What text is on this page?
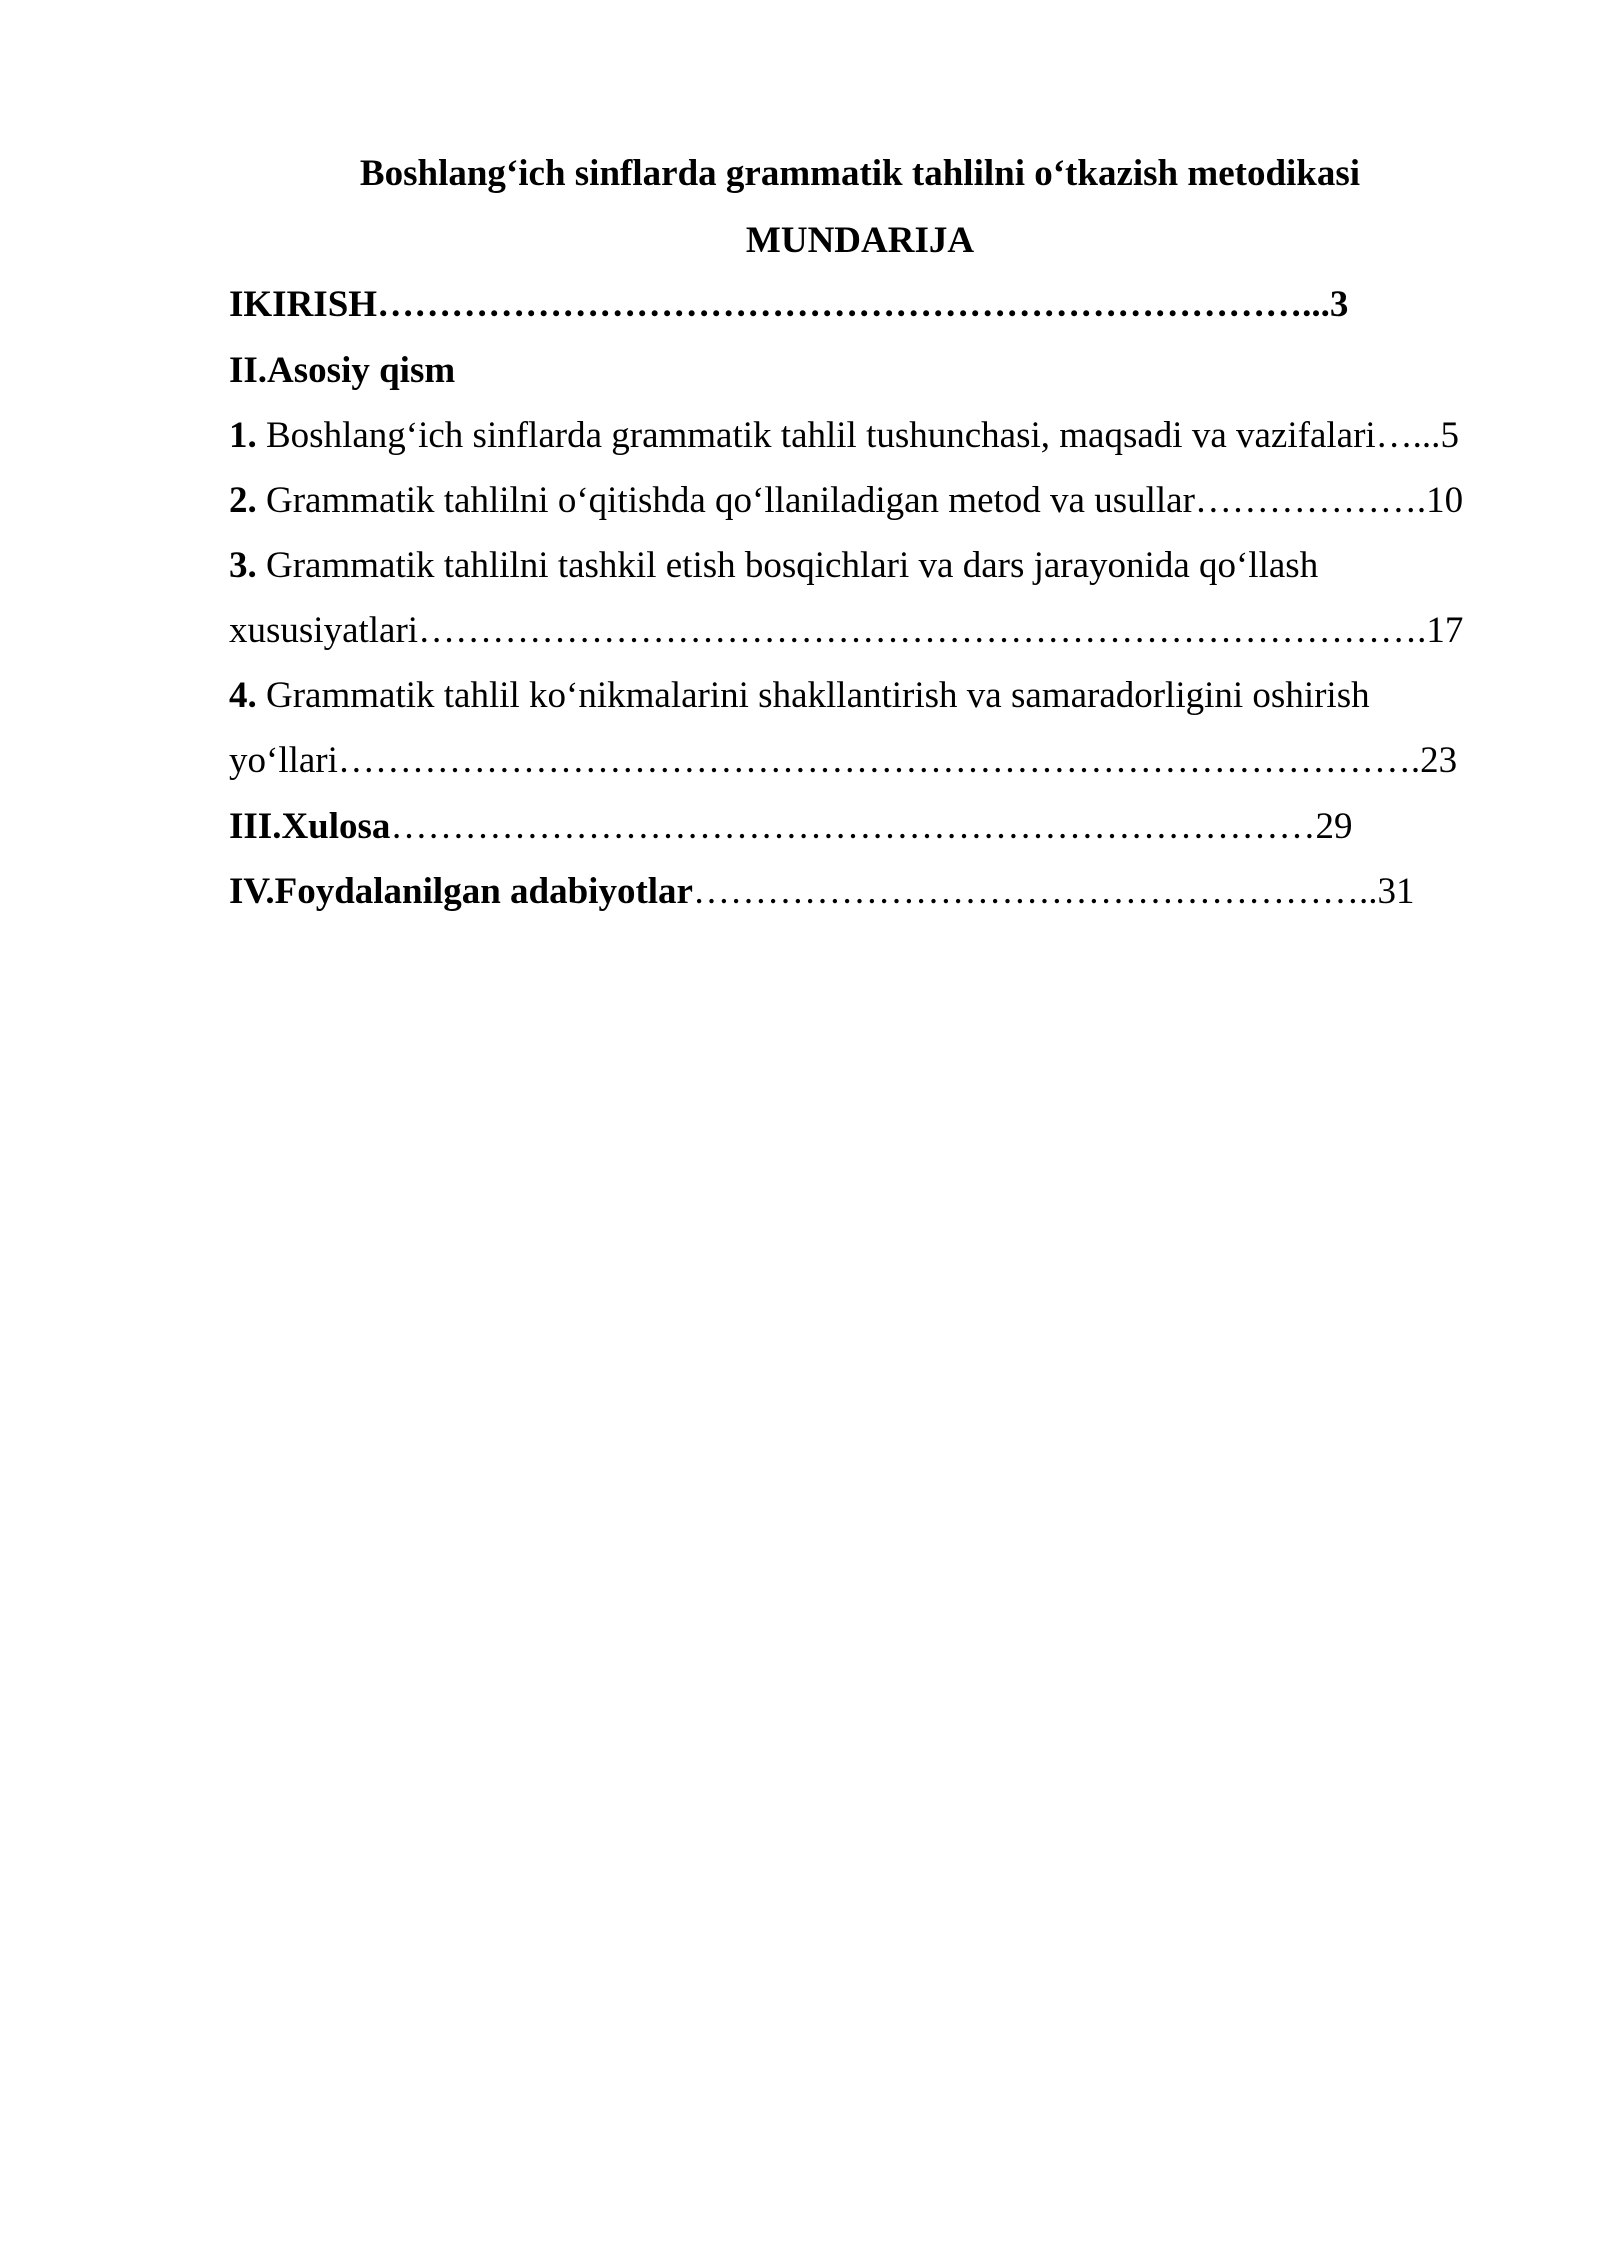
Boshlang‘ich sinflarda grammatik tahlilni o‘tkazish metodikasi
MUNDARIJA
IKIRISH…………………………………………………………………...3
II.Asosiy qism
1. Boshlang‘ich sinflarda grammatik tahlil tushunchasi, maqsadi va vazifalari…...5
2. Grammatik tahlilni o‘qitishda qo‘llaniladigan metod va usullar……………….10
3. Grammatik tahlilni tashkil etish bosqichlari va dars jarayonida qo‘llash
xususiyatlari……………………………………………………………………….17
4. Grammatik tahlil ko‘nikmalarini shakllantirish va samaradorligini oshirish
yo‘llari…………………………………………………………………………….23
III.Xulosa…………………………………………………………………29
IV.Foydalanilgan adabiyotlar………………………………………………..31
